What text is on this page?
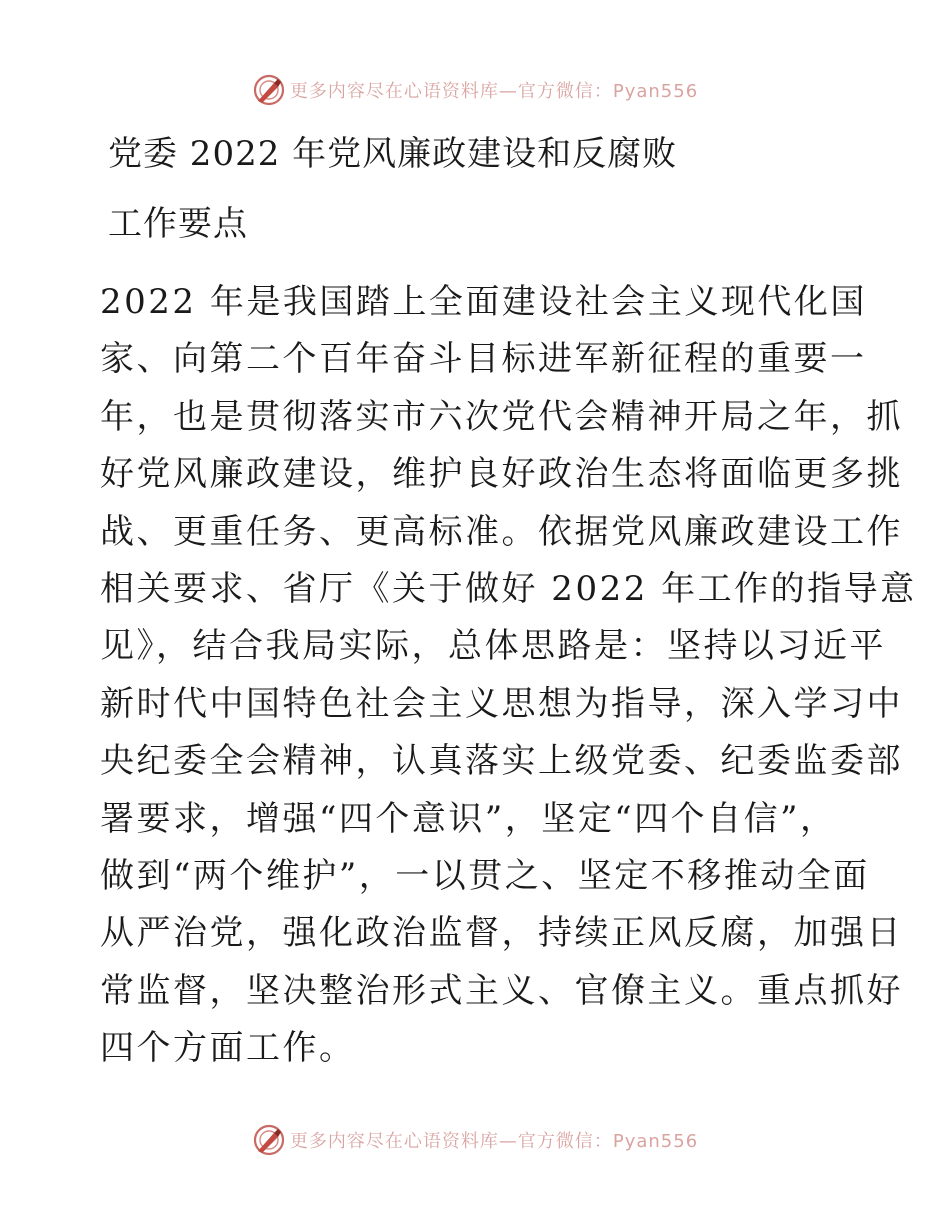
更多内容尽在心语资料库—官方微信：Pyan556
党委 2022 年党风廉政建设和反腐败
工作要点
2022 年是我国踏上全面建设社会主义现代化国
家、向第二个百年奋斗目标进军新征程的重要一
年，也是贯彻落实市六次党代会精神开局之年，抓
好党风廉政建设，维护良好政治生态将面临更多挑
战、更重任务、更高标准。依据党风廉政建设工作
相关要求、省厅《关于做好 2022 年工作的指导意
见》，结合我局实际，总体思路是：坚持以习近平
新时代中国特色社会主义思想为指导，深入学习中
央纪委全会精神，认真落实上级党委、纪委监委部
署要求，增强“四个意识”，坚定“四个自信”，
做到“两个维护”，一以贯之、坚定不移推动全面
从严治党，强化政治监督，持续正风反腐，加强日
常监督，坚决整治形式主义、官僚主义。重点抓好
四个方面工作。
更多内容尽在心语资料库—官方微信：Pyan556
